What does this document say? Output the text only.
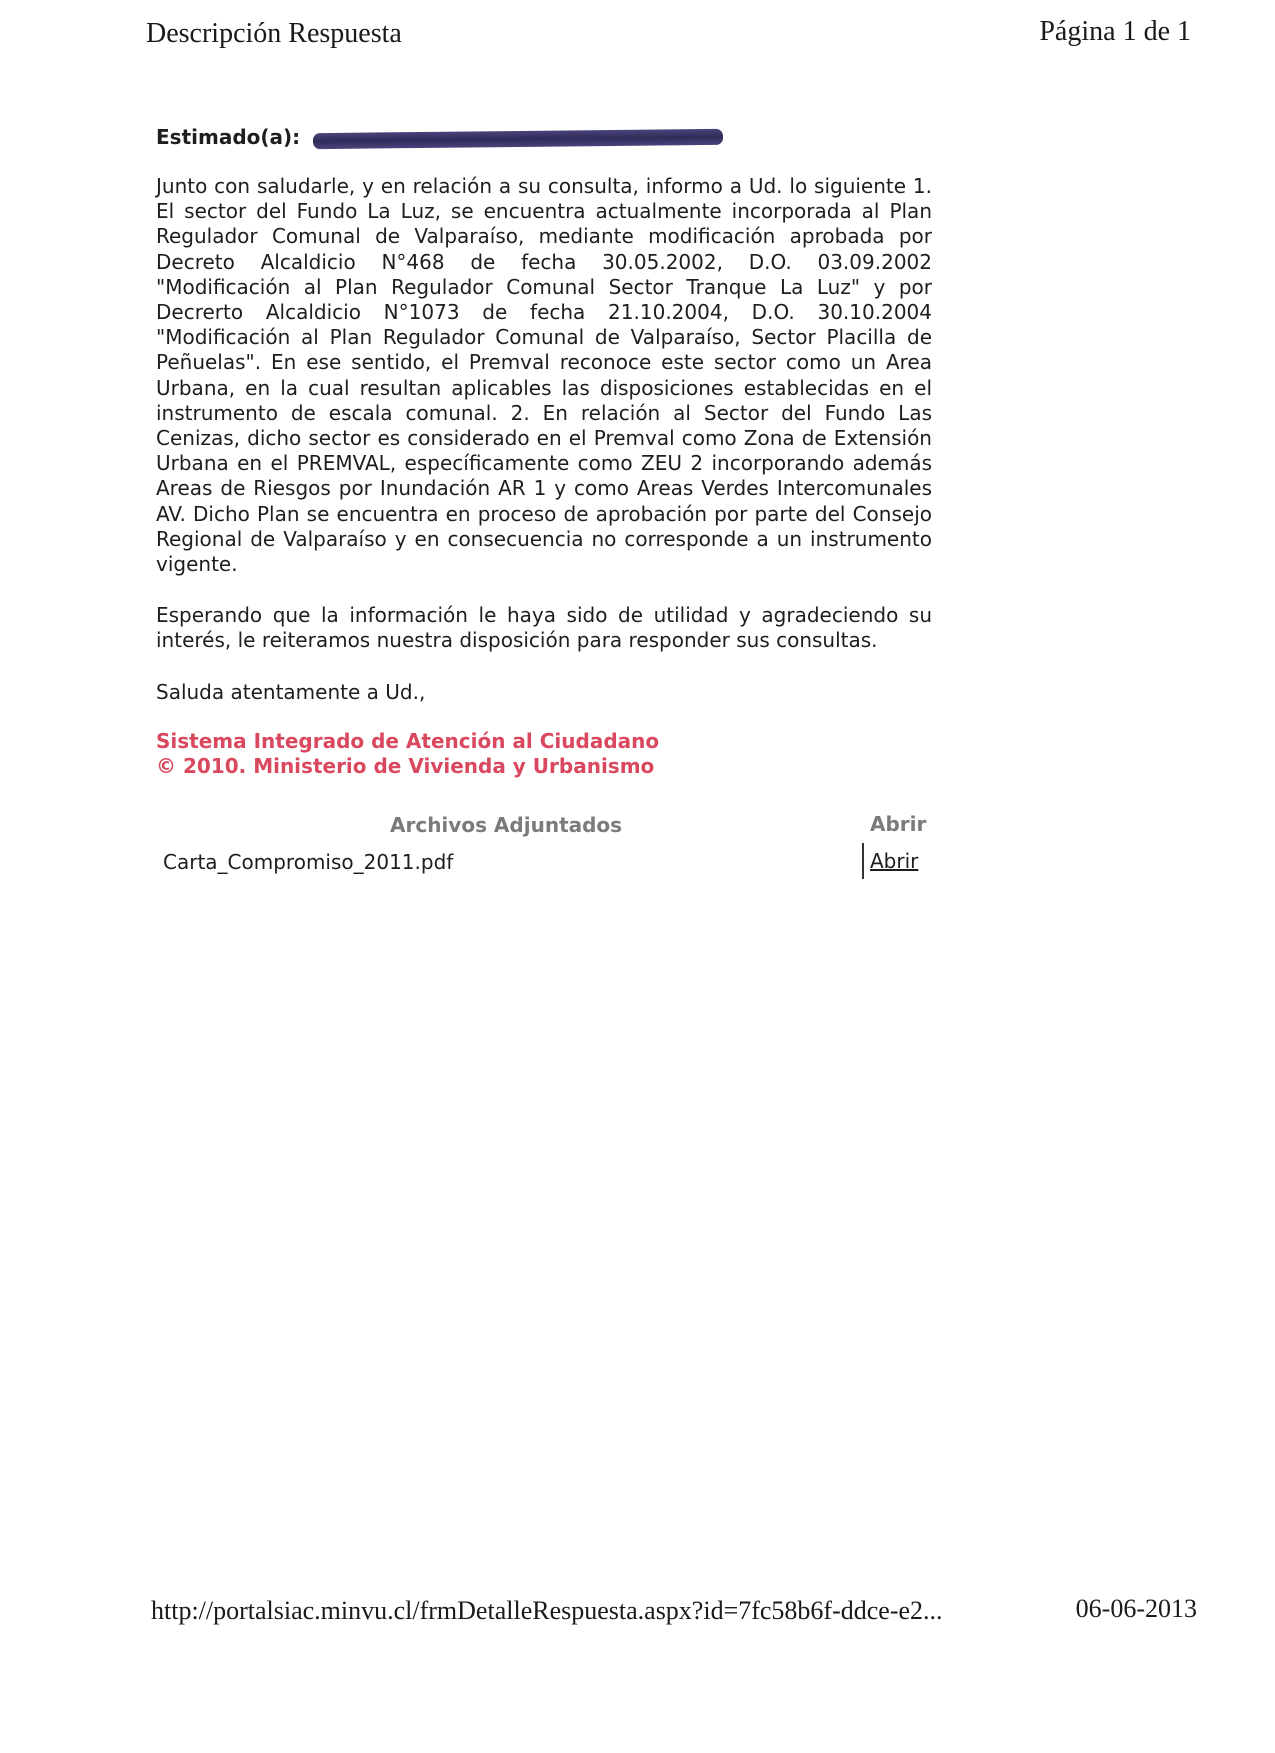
Descripción Respuesta	Página 1 de 1
Estimado(a):

Junto con saludarle, y en relación a su consulta, informo a Ud. lo siguiente 1. El sector del Fundo La Luz, se encuentra actualmente incorporada al Plan Regulador Comunal de Valparaíso, mediante modificación aprobada por Decreto Alcaldicio N°468 de fecha 30.05.2002, D.O. 03.09.2002 "Modificación al Plan Regulador Comunal Sector Tranque La Luz" y por Decrerto Alcaldicio N°1073 de fecha 21.10.2004, D.O. 30.10.2004 "Modificación al Plan Regulador Comunal de Valparaíso, Sector Placilla de Peñuelas". En ese sentido, el Premval reconoce este sector como un Area Urbana, en la cual resultan aplicables las disposiciones establecidas en el instrumento de escala comunal. 2. En relación al Sector del Fundo Las Cenizas, dicho sector es considerado en el Premval como Zona de Extensión Urbana en el PREMVAL, específicamente como ZEU 2 incorporando además Areas de Riesgos por Inundación AR 1 y como Areas Verdes Intercomunales AV. Dicho Plan se encuentra en proceso de aprobación por parte del Consejo Regional de Valparaíso y en consecuencia no corresponde a un instrumento vigente.

Esperando que la información le haya sido de utilidad y agradeciendo su interés, le reiteramos nuestra disposición para responder sus consultas.

Saluda atentamente a Ud.,
Sistema Integrado de Atención al Ciudadano
© 2010. Ministerio de Vivienda y Urbanismo
Archivos Adjuntados	Abrir
Carta_Compromiso_2011.pdf	Abrir
http://portalsiac.minvu.cl/frmDetalleRespuesta.aspx?id=7fc58b6f-ddce-e2...	06-06-2013
